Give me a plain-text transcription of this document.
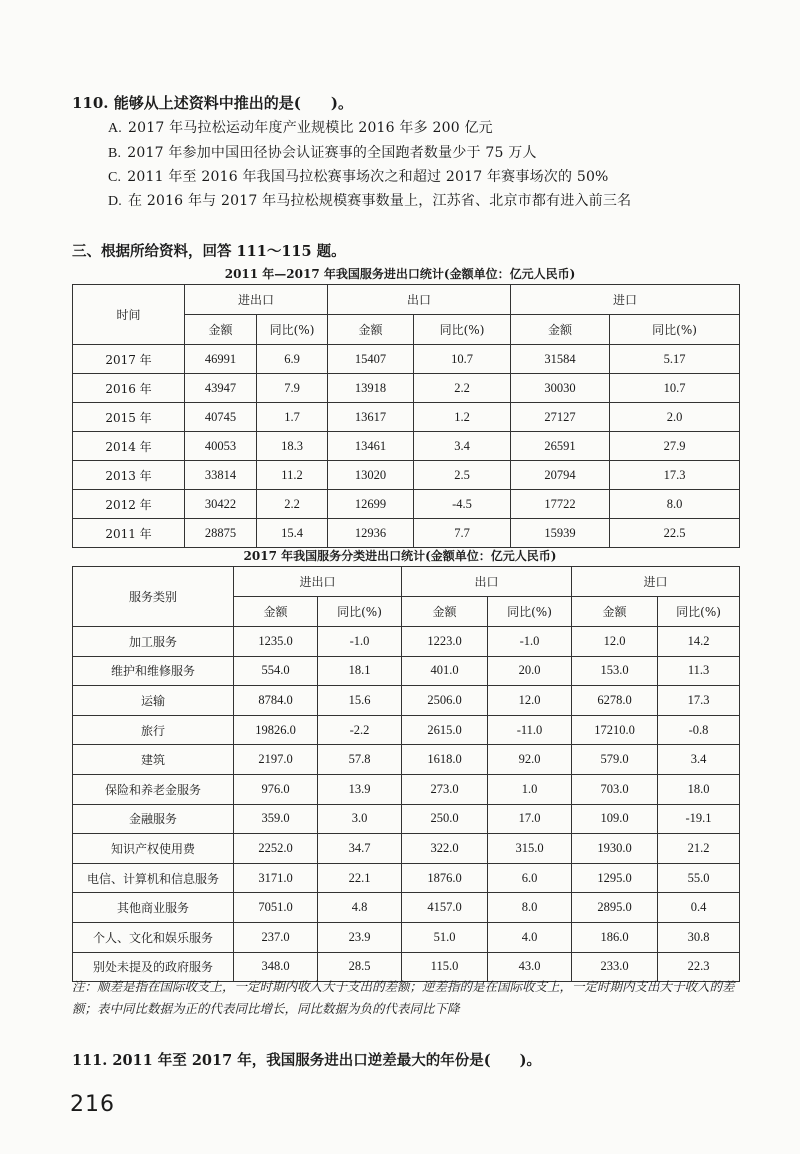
110. 能够从上述资料中推出的是(　　)。
A. 2017 年马拉松运动年度产业规模比 2016 年多 200 亿元
B. 2017 年参加中国田径协会认证赛事的全国跑者数量少于 75 万人
C. 2011 年至 2016 年我国马拉松赛事场次之和超过 2017 年赛事场次的 50%
D. 在 2016 年与 2017 年马拉松规模赛事数量上，江苏省、北京市都有进入前三名
三、根据所给资料，回答 111～115 题。
2011 年—2017 年我国服务进出口统计(金额单位：亿元人民币)
时间	进出口		出口		进口	
	金额	同比(%)	金额	同比(%)	金额	同比(%)
2017 年	46991	6.9	15407	10.7	31584	5.17
2016 年	43947	7.9	13918	2.2	30030	10.7
2015 年	40745	1.7	13617	1.2	27127	2.0
2014 年	40053	18.3	13461	3.4	26591	27.9
2013 年	33814	11.2	13020	2.5	20794	17.3
2012 年	30422	2.2	12699	-4.5	17722	8.0
2011 年	28875	15.4	12936	7.7	15939	22.5
2017 年我国服务分类进出口统计(金额单位：亿元人民币)
服务类别	进出口		出口		进口	
	金额	同比(%)	金额	同比(%)	金额	同比(%)
加工服务	1235.0	-1.0	1223.0	-1.0	12.0	14.2
维护和维修服务	554.0	18.1	401.0	20.0	153.0	11.3
运输	8784.0	15.6	2506.0	12.0	6278.0	17.3
旅行	19826.0	-2.2	2615.0	-11.0	17210.0	-0.8
建筑	2197.0	57.8	1618.0	92.0	579.0	3.4
保险和养老金服务	976.0	13.9	273.0	1.0	703.0	18.0
金融服务	359.0	3.0	250.0	17.0	109.0	-19.1
知识产权使用费	2252.0	34.7	322.0	315.0	1930.0	21.2
电信、计算机和信息服务	3171.0	22.1	1876.0	6.0	1295.0	55.0
其他商业服务	7051.0	4.8	4157.0	8.0	2895.0	0.4
个人、文化和娱乐服务	237.0	23.9	51.0	4.0	186.0	30.8
别处未提及的政府服务	348.0	28.5	115.0	43.0	233.0	22.3
注：顺差是指在国际收支上，一定时期内收入大于支出的差额；逆差指的是在国际收支上，一定时期内支出大于收入的差额；表中同比数据为正的代表同比增长，同比数据为负的代表同比下降
111. 2011 年至 2017 年，我国服务进出口逆差最大的年份是(　　)。
216
